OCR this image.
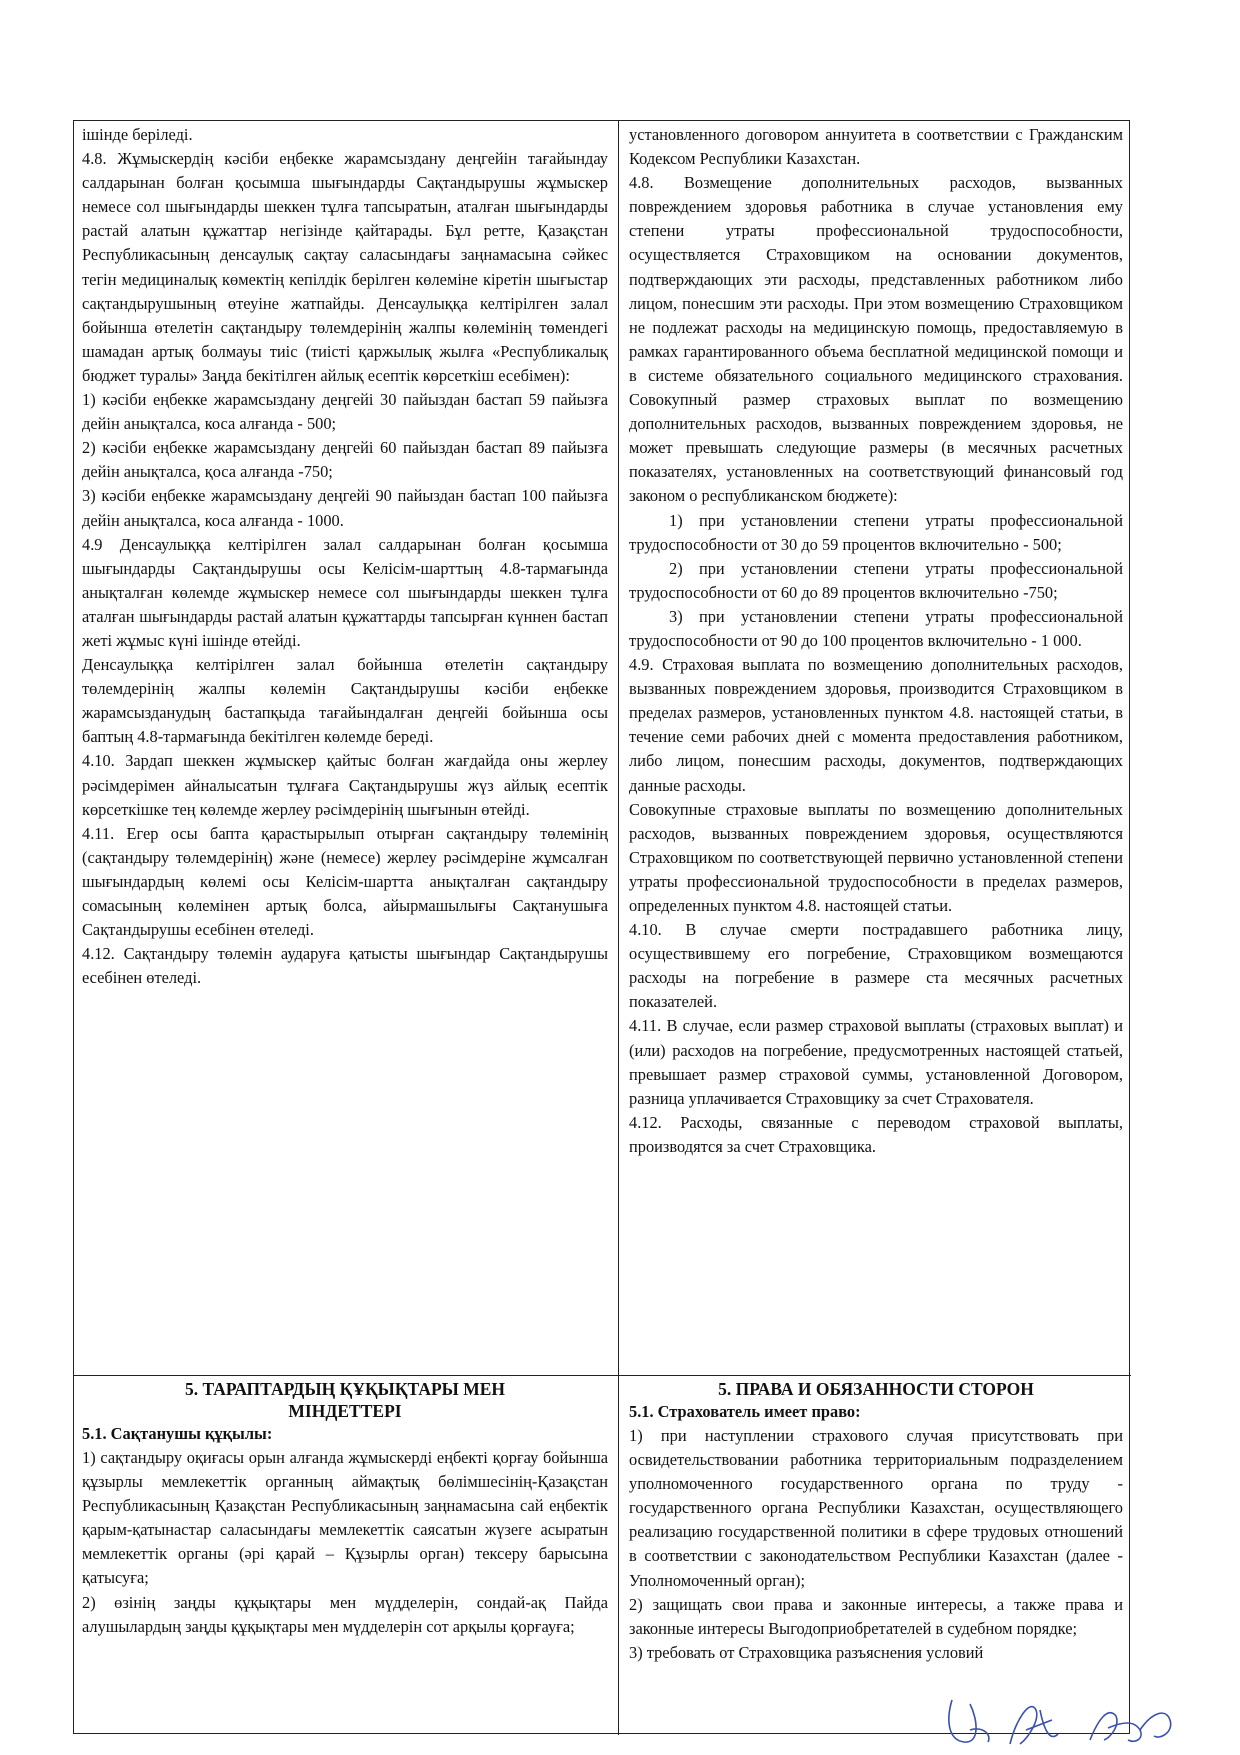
ішінде беріледі.

4.8. Жұмыскердің кәсіби еңбекке жарамсыздану деңгейін тағайындау салдарынан болған қосымша шығындарды Сақтандырушы жұмыскер немесе сол шығындарды шеккен тұлға тапсыратын, аталған шығындарды растай алатын құжаттар негізінде қайтарады. Бұл ретте, Қазақстан Республикасының денсаулық сақтау саласындағы заңнамасына сәйкес тегін медициналық көмектің кепілдік берілген көлеміне кіретін шығыстар сақтандырушының өтеуіне жатпайды. Денсаулыққа келтірілген залал бойынша өтелетін сақтандыру төлемдерінің жалпы көлемінің төмендегі шамадан артық болмауы тиіс (тиісті қаржылық жылға «Республикалық бюджет туралы» Заңда бекітілген айлық есептік көрсеткіш есебімен):

1) кәсіби еңбекке жарамсыздану деңгейі 30 пайыздан бастап 59 пайызға дейін анықталса, коса алғанда - 500;

2) кәсіби еңбекке жарамсыздану деңгейі 60 пайыздан бастап 89 пайызға дейін анықталса, қоса алғанда -750;

3) кәсіби еңбекке жарамсыздану деңгейі 90 пайыздан бастап 100 пайызға дейін анықталса, коса алғанда - 1000.

4.9 Денсаулыққа келтірілген залал салдарынан болған қосымша шығындарды Сақтандырушы осы Келісім-шарттың 4.8-тармағында анықталған көлемде жұмыскер немесе сол шығындарды шеккен тұлға аталған шығындарды растай алатын құжаттарды тапсырған күннен бастап жеті жұмыс күні ішінде өтейді.

Денсаулыққа келтірілген залал бойынша өтелетін сақтандыру төлемдерінің жалпы көлемін Сақтандырушы кәсіби еңбекке жарамсызданудың бастапқыда тағайындалған деңгейі бойынша осы баптың 4.8-тармағында бекітілген көлемде береді.

4.10. Зардап шеккен жұмыскер қайтыс болған жағдайда оны жерлеу рәсімдерімен айналысатын тұлғаға Сақтандырушы жүз айлық есептік көрсеткішке тең көлемде жерлеу рәсімдерінің шығынын өтейді.

4.11. Егер осы бапта қарастырылып отырған сақтандыру төлемінің (сақтандыру төлемдерінің) және (немесе) жерлеу рәсімдеріне жұмсалған шығындардың көлемі осы Келісім-шартта анықталған сақтандыру сомасының көлемінен артық болса, айырмашылығы Сақтанушыға Сақтандырушы есебінен өтеледі.

4.12. Сақтандыру төлемін аударуға қатысты шығындар Сақтандырушы есебінен өтеледі.

установленного договором аннуитета в соответствии с Гражданским Кодексом Республики Казахстан.

4.8. Возмещение дополнительных расходов, вызванных повреждением здоровья работника в случае установления ему степени утраты профессиональной трудоспособности, осуществляется Страховщиком на основании документов, подтверждающих эти расходы, представленных работником либо лицом, понесшим эти расходы. При этом возмещению Страховщиком не подлежат расходы на медицинскую помощь, предоставляемую в рамках гарантированного объема бесплатной медицинской помощи и в системе обязательного социального медицинского страхования. Совокупный размер страховых выплат по возмещению дополнительных расходов, вызванных повреждением здоровья, не может превышать следующие размеры (в месячных расчетных показателях, установленных на соответствующий финансовый год законом о республиканском бюджете):

1) при установлении степени утраты профессиональной трудоспособности от 30 до 59 процентов включительно - 500;

2) при установлении степени утраты профессиональной трудоспособности от 60 до 89 процентов включительно -750;

3) при установлении степени утраты профессиональной трудоспособности от 90 до 100 процентов включительно - 1 000.

4.9. Страховая выплата по возмещению дополнительных расходов, вызванных повреждением здоровья, производится Страховщиком в пределах размеров, установленных пунктом 4.8. настоящей статьи, в течение семи рабочих дней с момента предоставления работником, либо лицом, понесшим расходы, документов, подтверждающих данные расходы.

Совокупные страховые выплаты по возмещению дополнительных расходов, вызванных повреждением здоровья, осуществляются Страховщиком по соответствующей первично установленной степени утраты профессиональной трудоспособности в пределах размеров, определенных пунктом 4.8. настоящей статьи.

4.10. В случае смерти пострадавшего работника лицу, осуществившему его погребение, Страховщиком возмещаются расходы на погребение в размере ста месячных расчетных показателей.

4.11. В случае, если размер страховой выплаты (страховых выплат) и (или) расходов на погребение, предусмотренных настоящей статьей, превышает размер страховой суммы, установленной Договором, разница уплачивается Страховщику за счет Страхователя.

4.12. Расходы, связанные с переводом страховой выплаты, производятся за счет Страховщика.

5. ТАРАПТАРДЫҢ ҚҰҚЫҚТАРЫ МЕН

МІНДЕТТЕРІ

5.1. Сақтанушы құқылы:

1) сақтандыру оқиғасы орын алғанда жұмыскерді еңбекті қорғау бойынша құзырлы мемлекеттік органның аймақтық бөлімшесінің-Қазақстан Республикасының Қазақстан Республикасының заңнамасына сай еңбектік қарым-қатынастар саласындағы мемлекеттік саясатын жүзеге асыратын мемлекеттік органы (әрі қарай – Құзырлы орган) тексеру барысына қатысуға;

2) өзінің заңды құқықтары мен мүдделерін, сондай-ақ Пайда алушылардың заңды құқықтары мен мүдделерін сот арқылы қорғауға;

5. ПРАВА И ОБЯЗАННОСТИ СТОРОН

5.1. Страхователь имеет право:

1) при наступлении страхового случая присутствовать при освидетельствовании работника территориальным подразделением уполномоченного государственного органа по труду - государственного органа Республики Казахстан, осуществляющего реализацию государственной политики в сфере трудовых отношений в соответствии с законодательством Республики Казахстан (далее - Уполномоченный орган);

2) защищать свои права и законные интересы, а также права и законные интересы Выгодоприобретателей в судебном порядке;

3) требовать от Страховщика разъяснения условий
